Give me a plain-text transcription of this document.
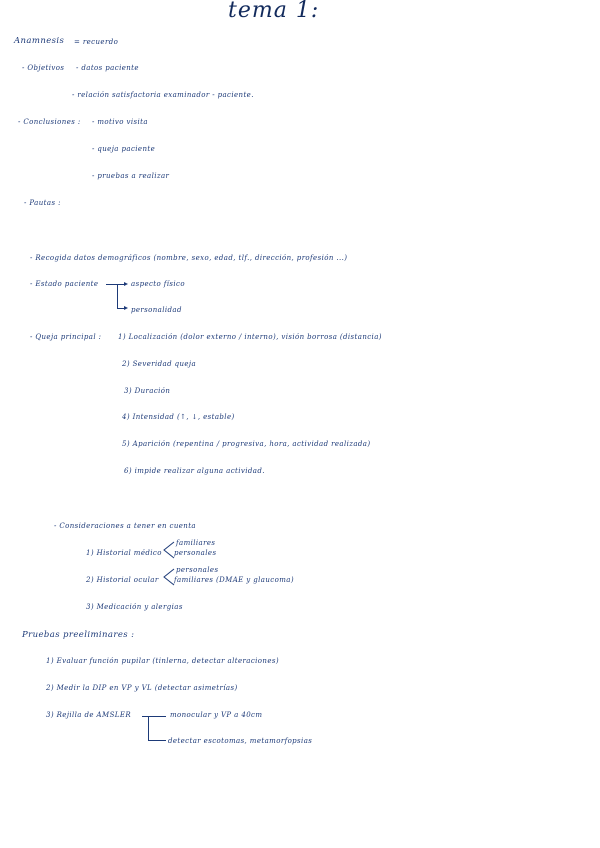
tema 1:
Anamnesis = recuerdo
- Objetivos - datos paciente
- relación satisfactoria examinador - paciente.
- Conclusiones : - motivo visita
- queja paciente
- pruebas a realizar
- Pautas :
- Recogida datos demográficos (nombre, sexo, edad, tlf., dirección, profesión ...)
- Estado paciente	aspecto físico
personalidad
- Queja principal : 1) Localización (dolor externo / interno), visión borrosa (distancia)
2) Severidad queja
3) Duración
4) Intensidad (↑, ↓, estable)
5) Aparición (repentina / progresiva, hora, actividad realizada)
6) impide realizar alguna actividad.
- Consideraciones a tener en cuenta
1) Historial médico
familiares
personales
2) Historial ocular
personales
familiares (DMAE y glaucoma)
3) Medicación y alergias
Pruebas preeliminares :
1) Evaluar función pupilar (tinlerna, detectar alteraciones)
2) Medir la DIP en VP y VL (detectar asimetrías)
3) Rejilla de AMSLER	monocular y VP a 40cm
detectar escotomas, metamorfopsias
